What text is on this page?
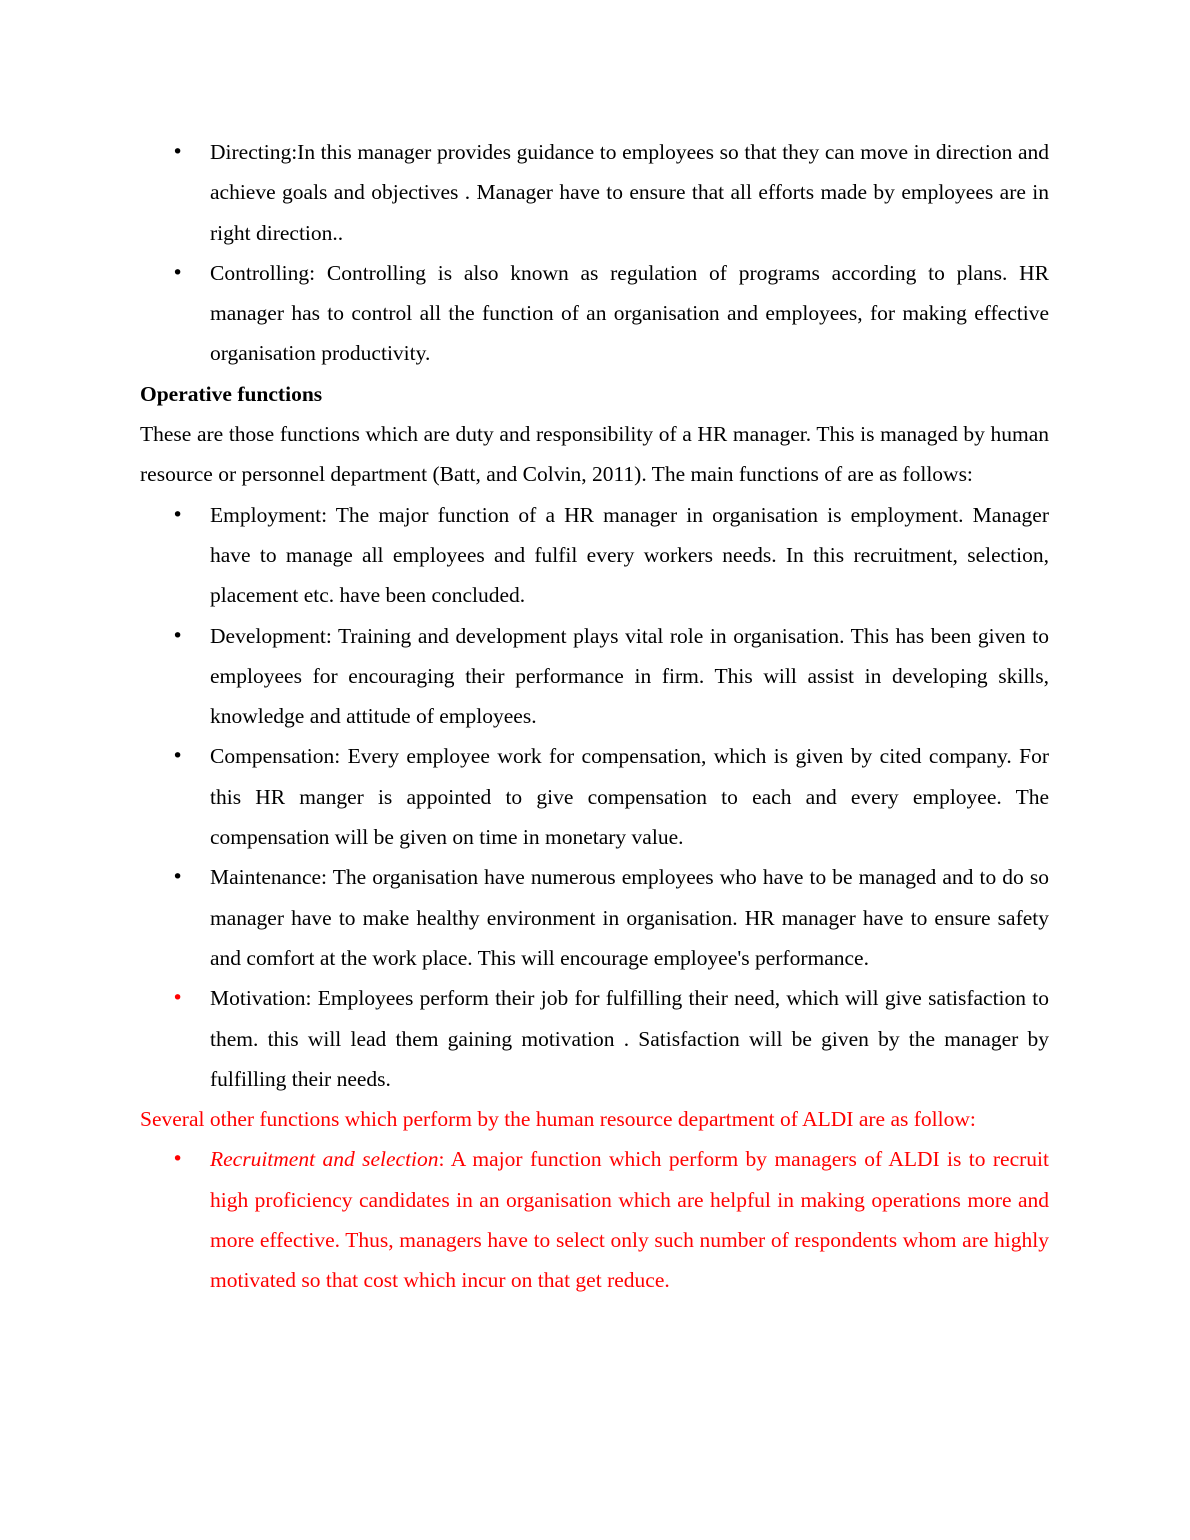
• Directing:In this manager provides guidance to employees so that they can move in direction and achieve goals and objectives . Manager have to ensure that all efforts made by employees are in right direction..
• Controlling: Controlling is also known as regulation of programs according to plans. HR manager has to control all the function of an organisation and employees, for making effective organisation productivity.

Operative functions

These are those functions which are duty and responsibility of a HR manager. This is managed by human resource or personnel department (Batt, and Colvin, 2011). The main functions of are as follows:

• Employment: The major function of a HR manager in organisation is employment. Manager have to manage all employees and fulfil every workers needs. In this recruitment, selection, placement etc. have been concluded.
• Development: Training and development plays vital role in organisation. This has been given to employees for encouraging their performance in firm. This will assist in developing skills, knowledge and attitude of employees.
• Compensation: Every employee work for compensation, which is given by cited company. For this HR manger is appointed to give compensation to each and every employee. The compensation will be given on time in monetary value.
• Maintenance: The organisation have numerous employees who have to be managed and to do so manager have to make healthy environment in organisation. HR manager have to ensure safety and comfort at the work place. This will encourage employee's performance.
• Motivation: Employees perform their job for fulfilling their need, which will give satisfaction to them. this will lead them gaining motivation . Satisfaction will be given by the manager by fulfilling their needs.

Several other functions which perform by the human resource department of ALDI are as follow:

• Recruitment and selection: A major function which perform by managers of ALDI is to recruit high proficiency candidates in an organisation which are helpful in making operations more and more effective. Thus, managers have to select only such number of respondents whom are highly motivated so that cost which incur on that get reduce.
